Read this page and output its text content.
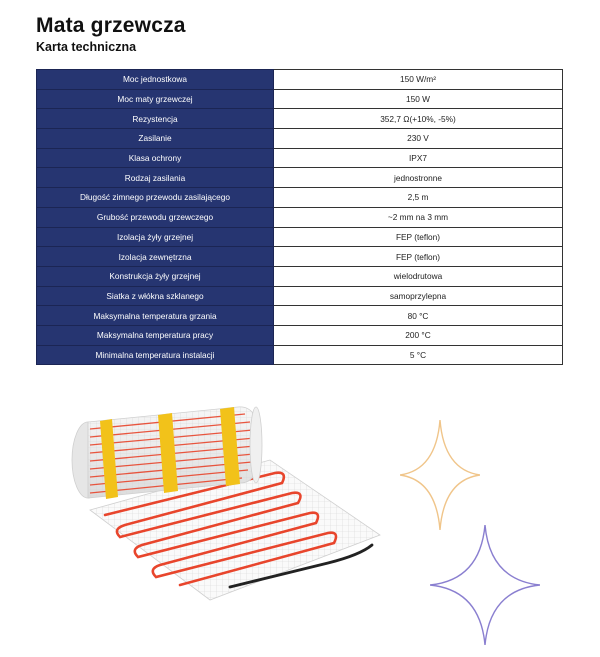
Mata grzewcza
Karta techniczna
Moc jednostkowa	150 W/m²
Moc maty grzewczej	150 W
Rezystencja	352,7 Ω(+10%, -5%)
Zasilanie	230 V
Klasa ochrony	IPX7
Rodzaj zasilania	jednostronne
Długość zimnego przewodu zasilającego	2,5 m
Grubość przewodu grzewczego	~2 mm na 3 mm
Izolacja żyły grzejnej	FEP (teflon)
Izolacja zewnętrzna	FEP (teflon)
Konstrukcja żyły grzejnej	wielodrutowa
Siatka z włókna szklanego	samoprzylepna
Maksymalna temperatura grzania	80 °C
Maksymalna temperatura pracy	200 °C
Minimalna temperatura instalacji	5 °C
